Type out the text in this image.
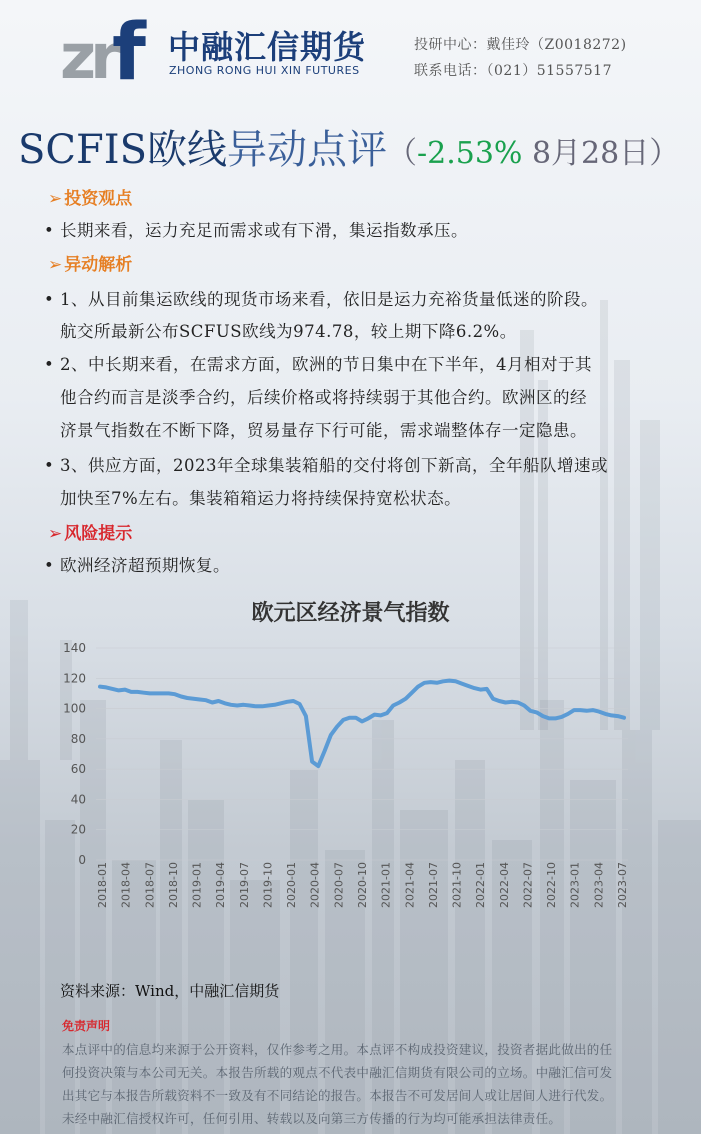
zr
f 中融汇信期货
ZHONG RONG HUI XIN FUTURES
投研中心：戴佳玲（Z0018272)
联系电话：（021）51557517
SCFIS欧线异动点评（-2.53% 8月28日）
➢ 投资观点
• 长期来看，运力充足而需求或有下滑，集运指数承压。
➢ 异动解析
• 1、从目前集运欧线的现货市场来看，依旧是运力充裕货量低迷的阶段。
航交所最新公布SCFUS欧线为974.78，较上期下降6.2%。
• 2、中长期来看，在需求方面，欧洲的节日集中在下半年，4月相对于其
他合约而言是淡季合约，后续价格或将持续弱于其他合约。欧洲区的经
济景气指数在不断下降，贸易量存下行可能，需求端整体存一定隐患。
• 3、供应方面，2023年全球集装箱船的交付将创下新高，全年船队增速或
加快至7%左右。集装箱箱运力将持续保持宽松状态。
➢ 风险提示
• 欧洲经济超预期恢复。
欧元区经济景气指数
0
20
40
60
80
100
120
140
2018-01 2018-04 2018-07 2018-10 2019-01 2019-04 2019-07 2019-10 2020-01 2020-04 2020-07 2020-10 2021-01 2021-04 2021-07 2021-10 2022-01 2022-04 2022-07 2022-10 2023-01 2023-04 2023-07
资料来源：Wind，中融汇信期货
免责声明
本点评中的信息均来源于公开资料，仅作参考之用。本点评不构成投资建议，投资者据此做出的任
何投资决策与本公司无关。本报告所载的观点不代表中融汇信期货有限公司的立场。中融汇信可发
出其它与本报告所载资料不一致及有不同结论的报告。本报告不可发居间人或让居间人进行代发。
未经中融汇信授权许可，任何引用、转载以及向第三方传播的行为均可能承担法律责任。
